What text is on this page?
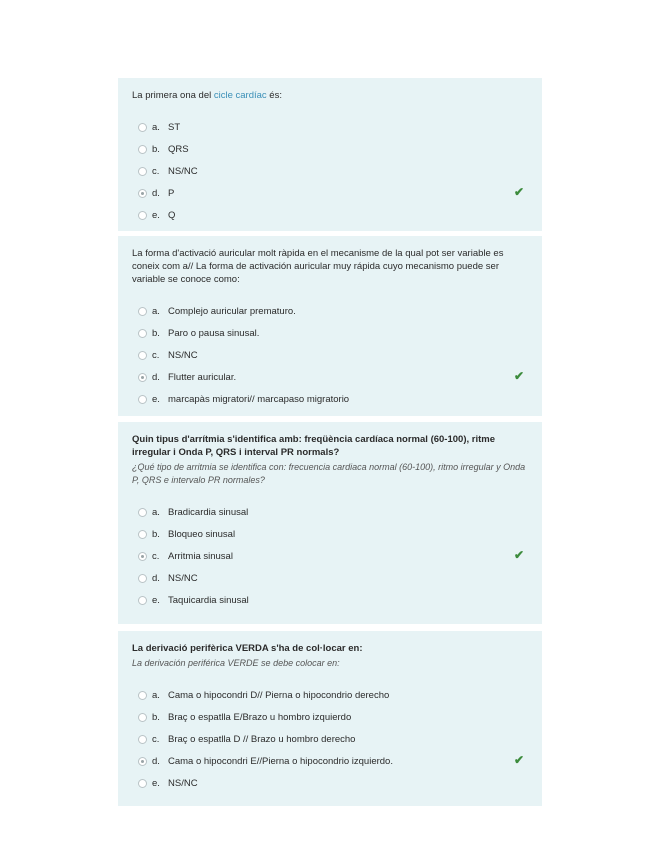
La primera ona del cicle cardíac és:

a. ST
b. QRS
c. NS/NC
d. P	✔
e. Q

La forma d'activació auricular molt ràpida en el mecanisme de la qual pot ser variable es coneix com a// La forma de activación auricular muy rápida cuyo mecanismo puede ser variable se conoce como:

a. Complejo auricular prematuro.
b. Paro o pausa sinusal.
c. NS/NC
d. Flutter auricular.	✔
e. marcapàs migratori// marcapaso migratorio

Quin tipus d'arrítmia s'identifica amb: freqüència cardíaca normal (60-100), ritme irregular i Onda P, QRS i interval PR normals?

¿Qué tipo de arritmia se identifica con: frecuencia cardiaca normal (60-100), ritmo irregular y Onda P, QRS e intervalo PR normales?

a. Bradicardia sinusal
b. Bloqueo sinusal
c. Arritmia sinusal	✔
d. NS/NC
e. Taquicardia sinusal

La derivació perifèrica VERDA s'ha de col·locar en:

La derivación periférica VERDE se debe colocar en:

a. Cama o hipocondri D// Pierna o hipocondrio derecho
b. Braç o espatlla E/Brazo u hombro izquierdo
c. Braç o espatlla D // Brazo u hombro derecho
d. Cama o hipocondri E//Pierna o hipocondrio izquierdo.	✔
e. NS/NC
